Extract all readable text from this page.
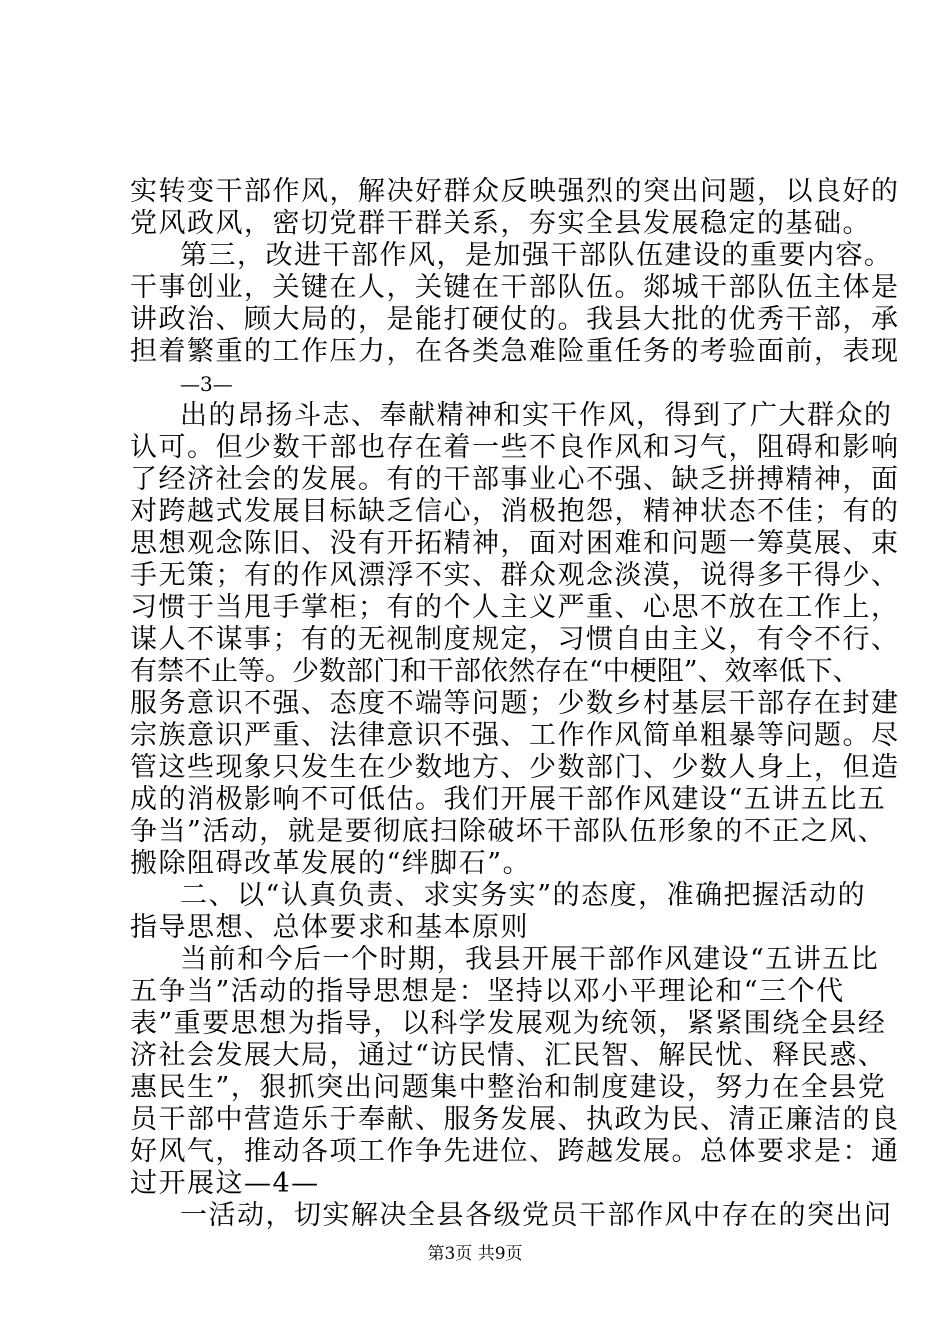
实转变干部作风，解决好群众反映强烈的突出问题，以良好的
党风政风，密切党群干群关系，夯实全县发展稳定的基础。
第三，改进干部作风，是加强干部队伍建设的重要内容。
干事创业，关键在人，关键在干部队伍。郯城干部队伍主体是
讲政治、顾大局的，是能打硬仗的。我县大批的优秀干部，承
担着繁重的工作压力，在各类急难险重任务的考验面前，表现
—3—
出的昂扬斗志、奉献精神和实干作风，得到了广大群众的
认可。但少数干部也存在着一些不良作风和习气，阻碍和影响
了经济社会的发展。有的干部事业心不强、缺乏拼搏精神，面
对跨越式发展目标缺乏信心，消极抱怨，精神状态不佳；有的
思想观念陈旧、没有开拓精神，面对困难和问题一筹莫展、束
手无策；有的作风漂浮不实、群众观念淡漠，说得多干得少、
习惯于当甩手掌柜；有的个人主义严重、心思不放在工作上，
谋人不谋事；有的无视制度规定，习惯自由主义，有令不行、
有禁不止等。少数部门和干部依然存在“中梗阻”、效率低下、
服务意识不强、态度不端等问题；少数乡村基层干部存在封建
宗族意识严重、法律意识不强、工作作风简单粗暴等问题。尽
管这些现象只发生在少数地方、少数部门、少数人身上，但造
成的消极影响不可低估。我们开展干部作风建设“五讲五比五
争当”活动，就是要彻底扫除破坏干部队伍形象的不正之风、
搬除阻碍改革发展的“绊脚石”。
二、以“认真负责、求实务实”的态度，准确把握活动的
指导思想、总体要求和基本原则
当前和今后一个时期，我县开展干部作风建设“五讲五比
五争当”活动的指导思想是：坚持以邓小平理论和“三个代
表”重要思想为指导，以科学发展观为统领，紧紧围绕全县经
济社会发展大局，通过“访民情、汇民智、解民忧、释民惑、
惠民生”，狠抓突出问题集中整治和制度建设，努力在全县党
员干部中营造乐于奉献、服务发展、执政为民、清正廉洁的良
好风气，推动各项工作争先进位、跨越发展。总体要求是：通
过开展这—4—
一活动，切实解决全县各级党员干部作风中存在的突出问
第3页 共9页
